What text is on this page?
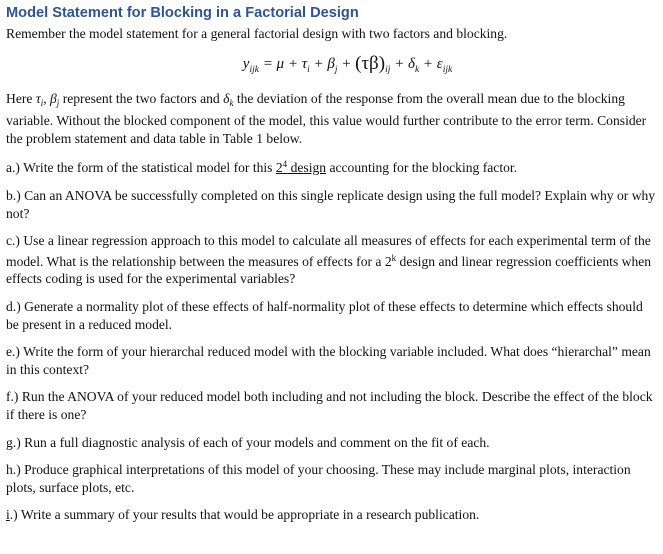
Model Statement for Blocking in a Factorial Design

Remember the model statement for a general factorial design with two factors and blocking.

$y_{ijk} = \mu + \tau_i + \beta_j + (\tau\beta)_{ij} + \delta_k + \varepsilon_{ijk}$

Here $\tau_i$, $\beta_j$ represent the two factors and $\delta_k$ the deviation of the response from the overall mean due to the blocking variable. Without the blocked component of the model, this value would further contribute to the error term. Consider the problem statement and data table in Table 1 below.

a.) Write the form of the statistical model for this $2^4$ design accounting for the blocking factor.

b.) Can an ANOVA be successfully completed on this single replicate design using the full model? Explain why or why not?

c.) Use a linear regression approach to this model to calculate all measures of effects for each experimental term of the model. What is the relationship between the measures of effects for a 2$^k$ design and linear regression coefficients when effects coding is used for the experimental variables?

d.) Generate a normality plot of these effects of half-normality plot of these effects to determine which effects should be present in a reduced model.

e.) Write the form of your hierarchal reduced model with the blocking variable included. What does “hierarchal” mean in this context?

f.) Run the ANOVA of your reduced model both including and not including the block. Describe the effect of the block if there is one?

g.) Run a full diagnostic analysis of each of your models and comment on the fit of each.

h.) Produce graphical interpretations of this model of your choosing. These may include marginal plots, interaction plots, surface plots, etc.

i.) Write a summary of your results that would be appropriate in a research publication.
